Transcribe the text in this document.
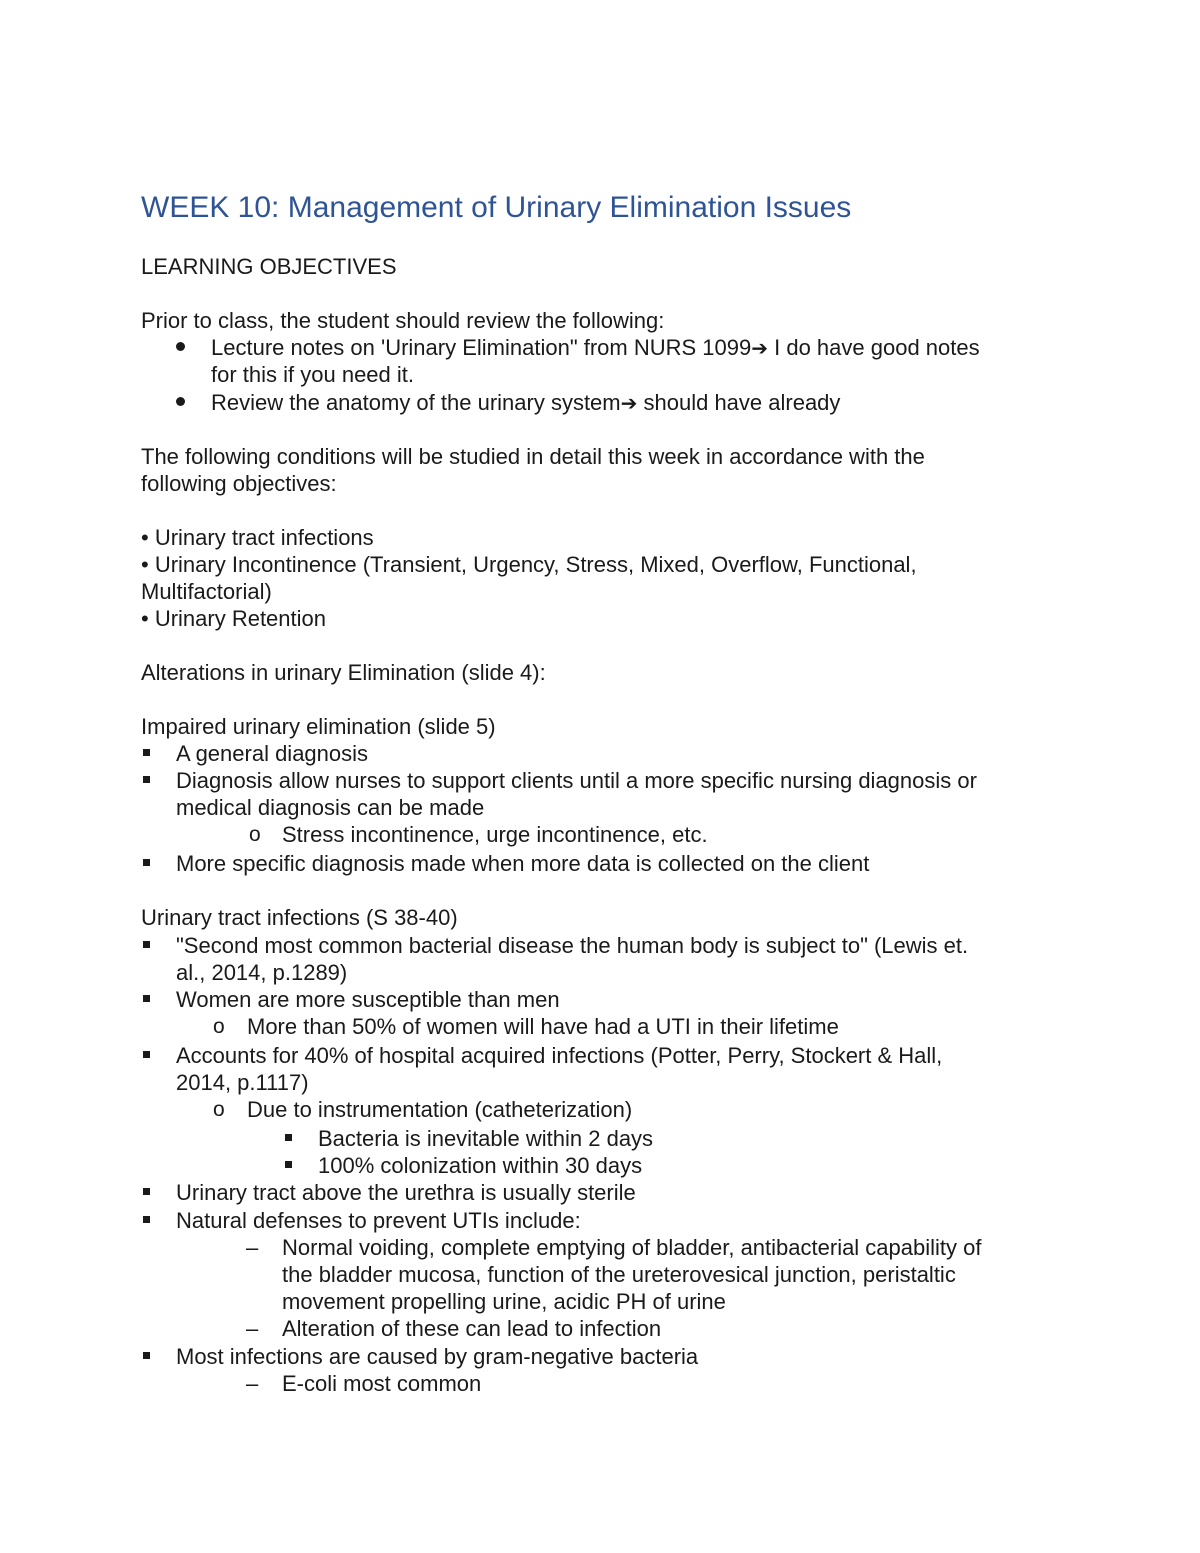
WEEK 10: Management of Urinary Elimination Issues
LEARNING OBJECTIVES
Prior to class, the student should review the following:
Lecture notes on 'Urinary Elimination" from NURS 1099➔ I do have good notes
for this if you need it.
Review the anatomy of the urinary system➔ should have already
The following conditions will be studied in detail this week in accordance with the
following objectives:
• Urinary tract infections
• Urinary Incontinence (Transient, Urgency, Stress, Mixed, Overflow, Functional,
Multifactorial)
• Urinary Retention
Alterations in urinary Elimination (slide 4):
Impaired urinary elimination (slide 5)
A general diagnosis
Diagnosis allow nurses to support clients until a more specific nursing diagnosis or
medical diagnosis can be made
o Stress incontinence, urge incontinence, etc.
More specific diagnosis made when more data is collected on the client
Urinary tract infections (S 38-40)
"Second most common bacterial disease the human body is subject to" (Lewis et.
al., 2014, p.1289)
Women are more susceptible than men
o More than 50% of women will have had a UTI in their lifetime
Accounts for 40% of hospital acquired infections (Potter, Perry, Stockert & Hall,
2014, p.1117)
o Due to instrumentation (catheterization)
Bacteria is inevitable within 2 days
100% colonization within 30 days
Urinary tract above the urethra is usually sterile
Natural defenses to prevent UTIs include:
– Normal voiding, complete emptying of bladder, antibacterial capability of
the bladder mucosa, function of the ureterovesical junction, peristaltic
movement propelling urine, acidic PH of urine
– Alteration of these can lead to infection
Most infections are caused by gram-negative bacteria
– E-coli most common
